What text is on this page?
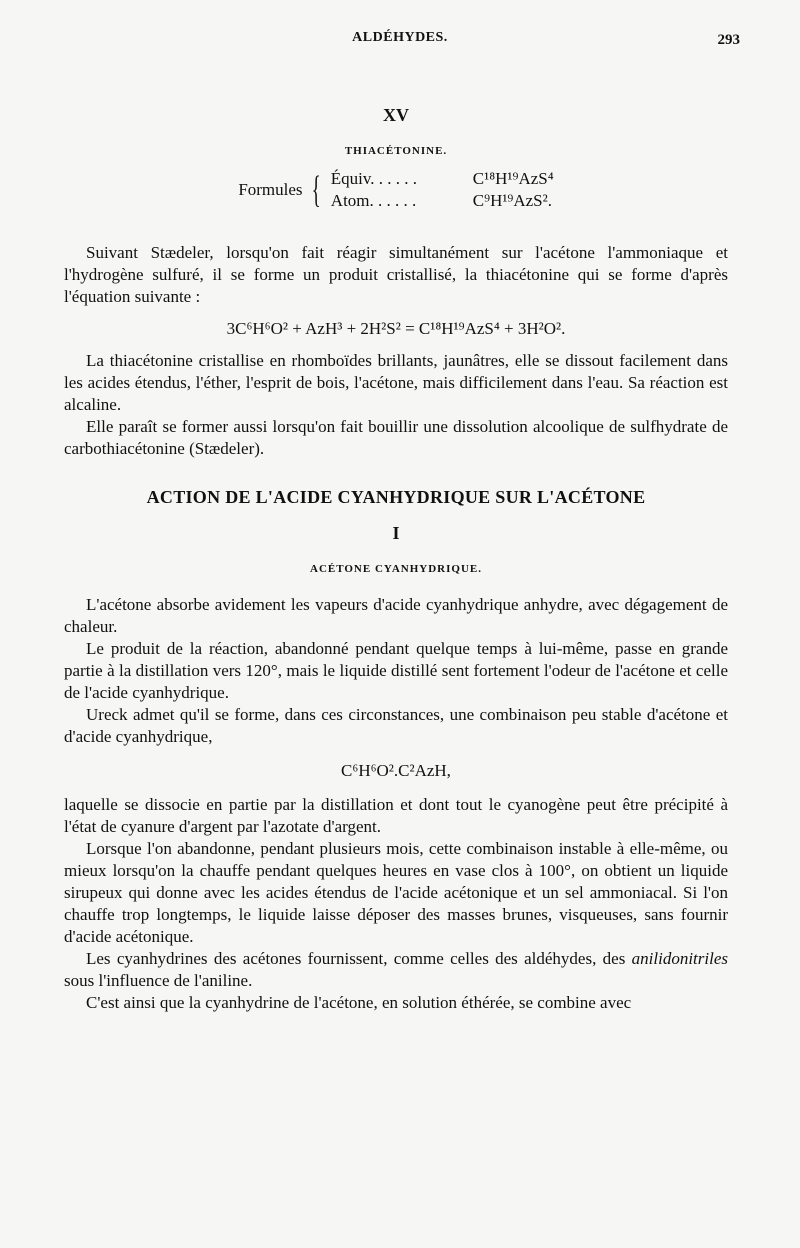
ALDÉHYDES.	293
XV
THIACÉTONINE.
Formules { Équiv. . . . . .	C¹⁸H¹⁹AzS⁴
Atom. . . . . .	C⁹H¹⁹AzS².

Suivant Stædeler, lorsqu'on fait réagir simultanément sur l'acétone l'ammoniaque et l'hydrogène sulfuré, il se forme un produit cristallisé, la thiacétonine qui se forme d'après l'équation suivante :

3C⁶H⁶O² + AzH³ + 2H²S² = C¹⁸H¹⁹AzS⁴ + 3H²O².

La thiacétonine cristallise en rhomboïdes brillants, jaunâtres, elle se dissout facilement dans les acides étendus, l'éther, l'esprit de bois, l'acétone, mais difficilement dans l'eau. Sa réaction est alcaline.

Elle paraît se former aussi lorsqu'on fait bouillir une dissolution alcoolique de sulfhydrate de carbothiacétonine (Stædeler).

ACTION DE L'ACIDE CYANHYDRIQUE SUR L'ACÉTONE
I
ACÉTONE CYANHYDRIQUE.

L'acétone absorbe avidement les vapeurs d'acide cyanhydrique anhydre, avec dégagement de chaleur.

Le produit de la réaction, abandonné pendant quelque temps à lui-même, passe en grande partie à la distillation vers 120°, mais le liquide distillé sent fortement l'odeur de l'acétone et celle de l'acide cyanhydrique.

Ureck admet qu'il se forme, dans ces circonstances, une combinaison peu stable d'acétone et d'acide cyanhydrique,

C⁶H⁶O².C²AzH,

laquelle se dissocie en partie par la distillation et dont tout le cyanogène peut être précipité à l'état de cyanure d'argent par l'azotate d'argent.

Lorsque l'on abandonne, pendant plusieurs mois, cette combinaison instable à elle-même, ou mieux lorsqu'on la chauffe pendant quelques heures en vase clos à 100°, on obtient un liquide sirupeux qui donne avec les acides étendus de l'acide acétonique et un sel ammoniacal. Si l'on chauffe trop longtemps, le liquide laisse déposer des masses brunes, visqueuses, sans fournir d'acide acétonique.

Les cyanhydrines des acétones fournissent, comme celles des aldéhydes, des anilidonitriles sous l'influence de l'aniline.

C'est ainsi que la cyanhydrine de l'acétone, en solution éthérée, se combine avec
